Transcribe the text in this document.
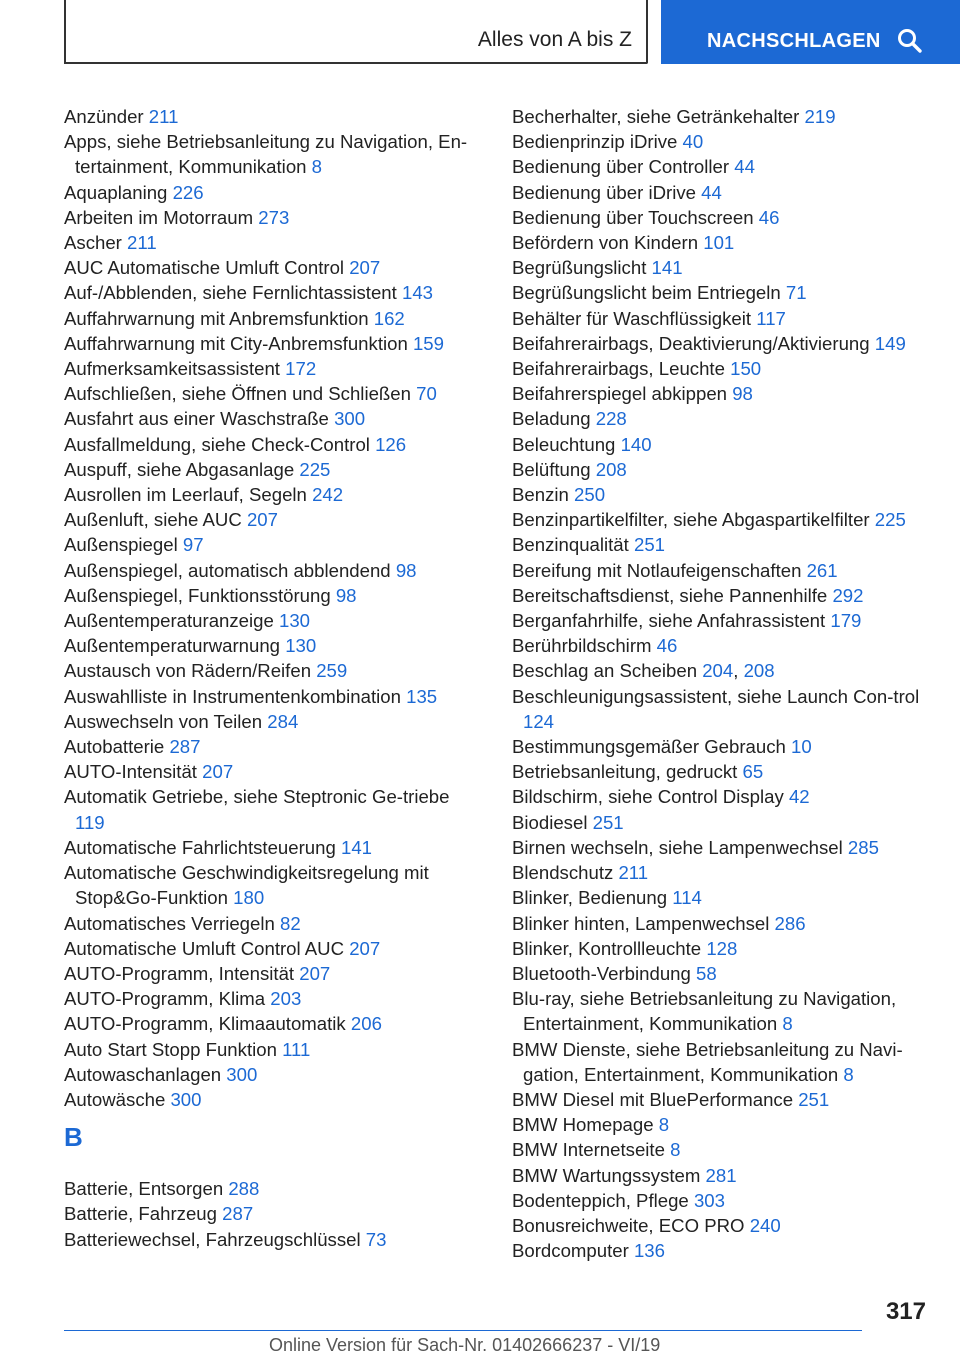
Alles von A bis Z	NACHSCHLAGEN
Anzünder 211
Apps, siehe Betriebsanleitung zu Navigation, En-tertainment, Kommunikation 8
Aquaplaning 226
Arbeiten im Motorraum 273
Ascher 211
AUC Automatische Umluft Control 207
Auf-/Abblenden, siehe Fernlichtassistent 143
Auffahrwarnung mit Anbremsfunktion 162
Auffahrwarnung mit City-Anbremsfunktion 159
Aufmerksamkeitsassistent 172
Aufschließen, siehe Öffnen und Schließen 70
Ausfahrt aus einer Waschstraße 300
Ausfallmeldung, siehe Check-Control 126
Auspuff, siehe Abgasanlage 225
Ausrollen im Leerlauf, Segeln 242
Außenluft, siehe AUC 207
Außenspiegel 97
Außenspiegel, automatisch abblendend 98
Außenspiegel, Funktionsstörung 98
Außentemperaturanzeige 130
Außentemperaturwarnung 130
Austausch von Rädern/Reifen 259
Auswahlliste in Instrumentenkombination 135
Auswechseln von Teilen 284
Autobatterie 287
AUTO-Intensität 207
Automatik Getriebe, siehe Steptronic Ge-triebe 119
Automatische Fahrlichtsteuerung 141
Automatische Geschwindigkeitsregelung mit Stop&Go-Funktion 180
Automatisches Verriegeln 82
Automatische Umluft Control AUC 207
AUTO-Programm, Intensität 207
AUTO-Programm, Klima 203
AUTO-Programm, Klimaautomatik 206
Auto Start Stopp Funktion 111
Autowaschanlagen 300
Autowäsche 300
B
Batterie, Entsorgen 288
Batterie, Fahrzeug 287
Batteriewechsel, Fahrzeugschlüssel 73
Becherhalter, siehe Getränkehalter 219
Bedienprinzip iDrive 40
Bedienung über Controller 44
Bedienung über iDrive 44
Bedienung über Touchscreen 46
Befördern von Kindern 101
Begrüßungslicht 141
Begrüßungslicht beim Entriegeln 71
Behälter für Waschflüssigkeit 117
Beifahrerairbags, Deaktivierung/Aktivierung 149
Beifahrerairbags, Leuchte 150
Beifahrerspiegel abkippen 98
Beladung 228
Beleuchtung 140
Belüftung 208
Benzin 250
Benzinpartikelfilter, siehe Abgaspartikelfilter 225
Benzinqualität 251
Bereifung mit Notlaufeigenschaften 261
Bereitschaftsdienst, siehe Pannenhilfe 292
Berganfahrhilfe, siehe Anfahrassistent 179
Berührbildschirm 46
Beschlag an Scheiben 204, 208
Beschleunigungsassistent, siehe Launch Con-trol 124
Bestimmungsgemäßer Gebrauch 10
Betriebsanleitung, gedruckt 65
Bildschirm, siehe Control Display 42
Biodiesel 251
Birnen wechseln, siehe Lampenwechsel 285
Blendschutz 211
Blinker, Bedienung 114
Blinker hinten, Lampenwechsel 286
Blinker, Kontrollleuchte 128
Bluetooth-Verbindung 58
Blu-ray, siehe Betriebsanleitung zu Navigation, Entertainment, Kommunikation 8
BMW Dienste, siehe Betriebsanleitung zu Navi-gation, Entertainment, Kommunikation 8
BMW Diesel mit BluePerformance 251
BMW Homepage 8
BMW Internetseite 8
BMW Wartungssystem 281
Bodenteppich, Pflege 303
Bonusreichweite, ECO PRO 240
Bordcomputer 136
317
Online Version für Sach-Nr. 01402666237 - VI/19
